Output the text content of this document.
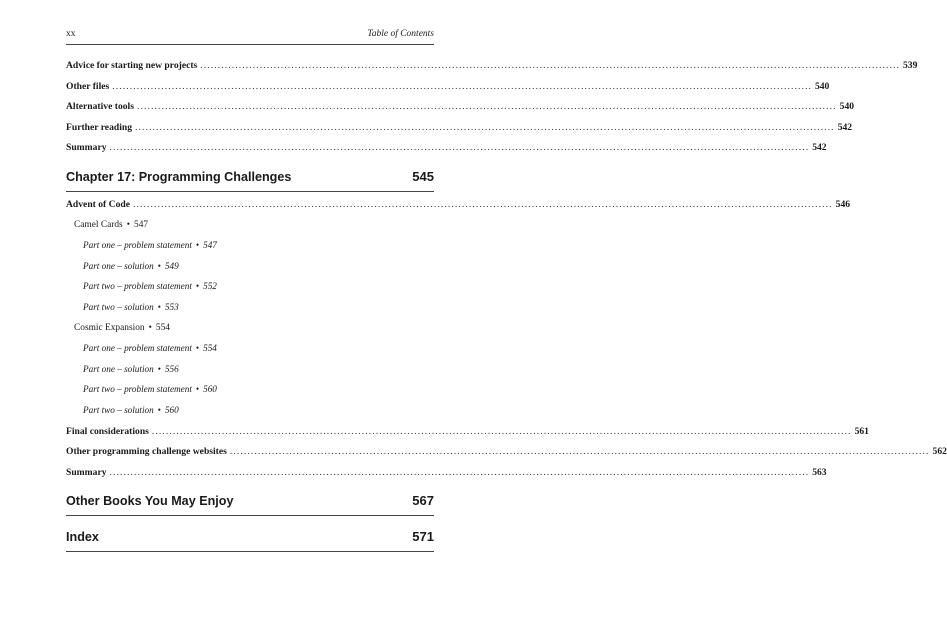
xx	Table of Contents
Advice for starting new projects ........................................................................................................................................................................................................ 539
Other files ........................................................................................................................................................................................................ 540
Alternative tools ........................................................................................................................................................................................................ 540
Further reading ........................................................................................................................................................................................................ 542
Summary ........................................................................................................................................................................................................ 542
Chapter 17: Programming Challenges	545
Advent of Code ........................................................................................................................................................................................................ 546
Camel Cards • 547
Part one – problem statement • 547
Part one – solution • 549
Part two – problem statement • 552
Part two – solution • 553
Cosmic Expansion • 554
Part one – problem statement • 554
Part one – solution • 556
Part two – problem statement • 560
Part two – solution • 560
Final considerations ........................................................................................................................................................................................................ 561
Other programming challenge websites ........................................................................................................................................................................................................ 562
Summary ........................................................................................................................................................................................................ 563
Other Books You May Enjoy	567
Index	571
